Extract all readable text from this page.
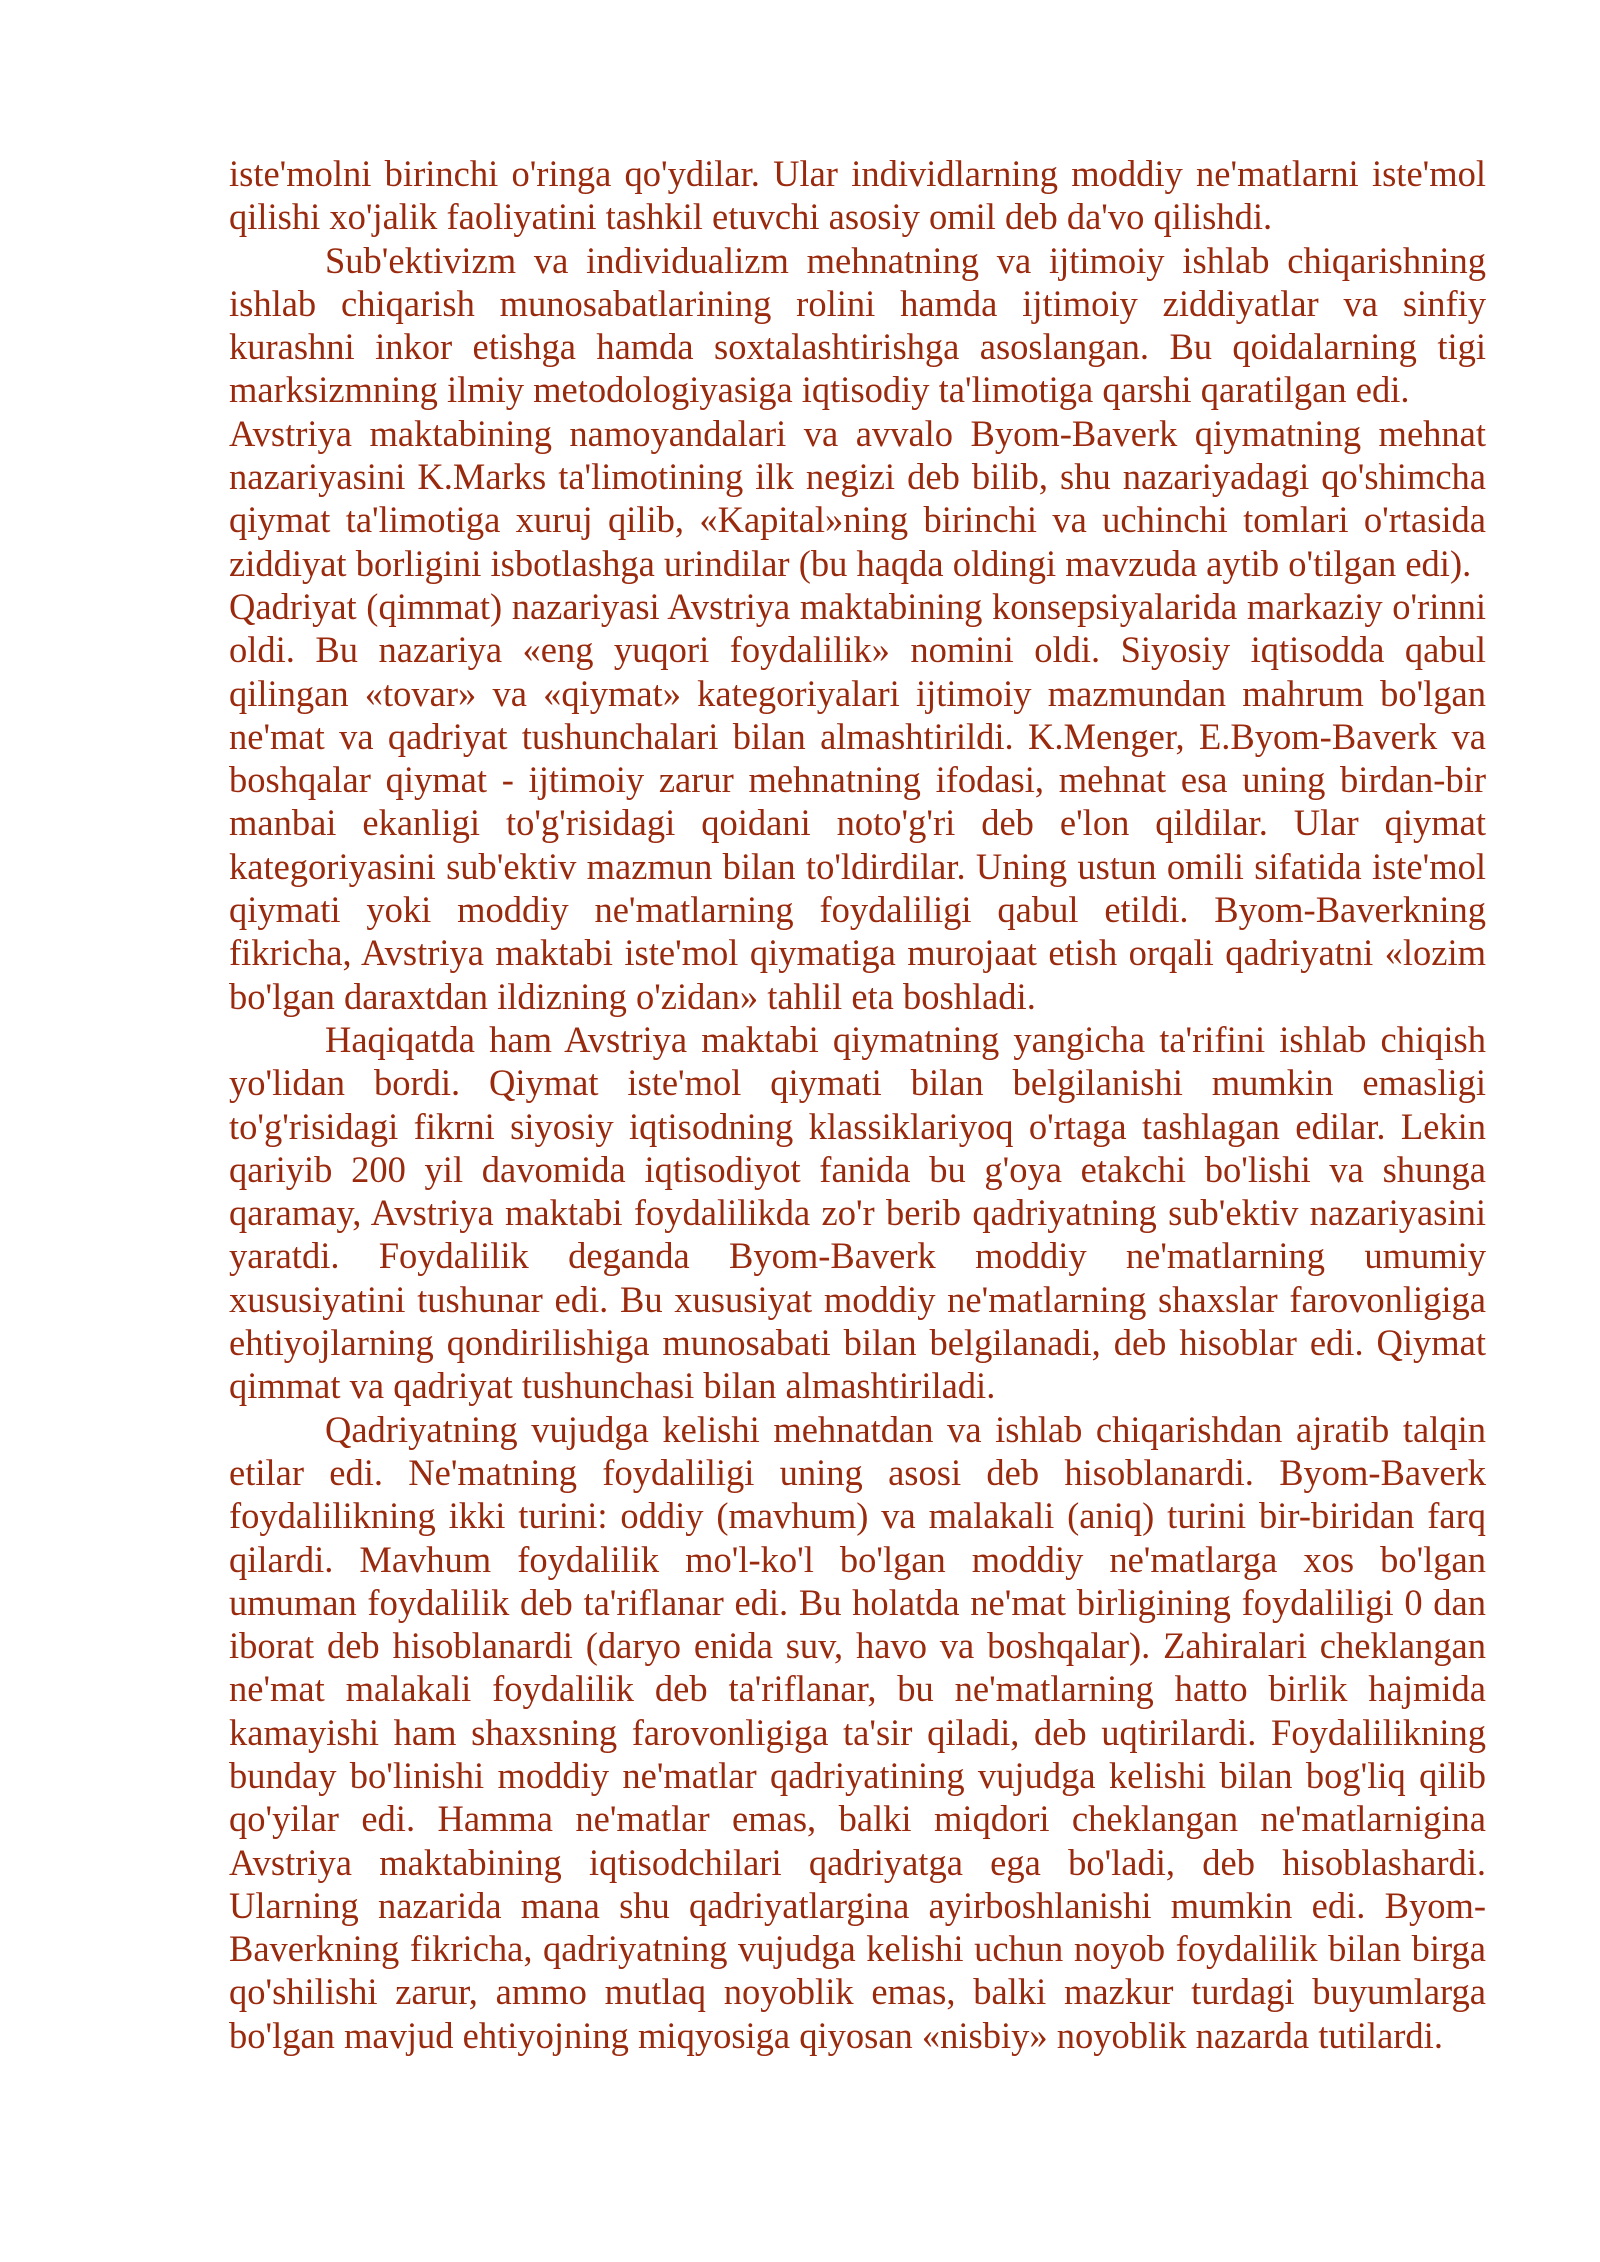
iste'molni birinchi o'ringa qo'ydilar. Ular individlarning moddiy ne'matlarni iste'mol qilishi xo'jalik faoliyatini tashkil etuvchi asosiy omil deb da'vo qilishdi.

Sub'ektivizm va individualizm mehnatning va ijtimoiy ishlab chiqarishning ishlab chiqarish munosabatlarining rolini hamda ijtimoiy ziddiyatlar va sinfiy kurashni inkor etishga hamda soxtalashtirishga asoslangan. Bu qoidalarning tigi marksizmning ilmiy metodologiyasiga iqtisodiy ta'limotiga qarshi qaratilgan edi.

Avstriya maktabining namoyandalari va avvalo Byom-Baverk qiymatning mehnat nazariyasini K.Marks ta'limotining ilk negizi deb bilib, shu nazariyadagi qo'shimcha qiymat ta'limotiga xuruj qilib, «Kapital»ning birinchi va uchinchi tomlari o'rtasida ziddiyat borligini isbotlashga urindilar (bu haqda oldingi mavzuda aytib o'tilgan edi).

Qadriyat (qimmat) nazariyasi Avstriya maktabining konsepsiyalarida markaziy o'rinni oldi. Bu nazariya «eng yuqori foydalilik» nomini oldi. Siyosiy iqtisodda qabul qilingan «tovar» va «qiymat» kategoriyalari ijtimoiy mazmundan mahrum bo'lgan ne'mat va qadriyat tushunchalari bilan almashtirildi. K.Menger, E.Byom-Baverk va boshqalar qiymat - ijtimoiy zarur mehnatning ifodasi, mehnat esa uning birdan-bir manbai ekanligi to'g'risidagi qoidani noto'g'ri deb e'lon qildilar. Ular qiymat kategoriyasini sub'ektiv mazmun bilan to'ldirdilar. Uning ustun omili sifatida iste'mol qiymati yoki moddiy ne'matlarning foydaliligi qabul etildi. Byom-Baverkning fikricha, Avstriya maktabi iste'mol qiymatiga murojaat etish orqali qadriyatni «lozim bo'lgan daraxtdan ildizning o'zidan» tahlil eta boshladi.

Haqiqatda ham Avstriya maktabi qiymatning yangicha ta'rifini ishlab chiqish yo'lidan bordi. Qiymat iste'mol qiymati bilan belgilanishi mumkin emasligi to'g'risidagi fikrni siyosiy iqtisodning klassiklariyoq o'rtaga tashlagan edilar. Lekin qariyib 200 yil davomida iqtisodiyot fanida bu g'oya etakchi bo'lishi va shunga qaramay, Avstriya maktabi foydalilikda zo'r berib qadriyatning sub'ektiv nazariyasini yaratdi. Foydalilik deganda Byom-Baverk moddiy ne'matlarning umumiy xususiyatini tushunar edi. Bu xususiyat moddiy ne'matlarning shaxslar farovonligiga ehtiyojlarning qondirilishiga munosabati bilan belgilanadi, deb hisoblar edi. Qiymat qimmat va qadriyat tushunchasi bilan almashtiriladi.

Qadriyatning vujudga kelishi mehnatdan va ishlab chiqarishdan ajratib talqin etilar edi. Ne'matning foydaliligi uning asosi deb hisoblanardi. Byom-Baverk foydalilikning ikki turini: oddiy (mavhum) va malakali (aniq) turini bir-biridan farq qilardi. Mavhum foydalilik mo'l-ko'l bo'lgan moddiy ne'matlarga xos bo'lgan umuman foydalilik deb ta'riflanar edi. Bu holatda ne'mat birligining foydaliligi 0 dan iborat deb hisoblanardi (daryo enida suv, havo va boshqalar). Zahiralari cheklangan ne'mat malakali foydalilik deb ta'riflanar, bu ne'matlarning hatto birlik hajmida kamayishi ham shaxsning farovonligiga ta'sir qiladi, deb uqtirilardi. Foydalilikning bunday bo'linishi moddiy ne'matlar qadriyatining vujudga kelishi bilan bog'liq qilib qo'yilar edi. Hamma ne'matlar emas, balki miqdori cheklangan ne'matlarnigina Avstriya maktabining iqtisodchilari qadriyatga ega bo'ladi, deb hisoblashardi. Ularning nazarida mana shu qadriyatlargina ayirboshlanishi mumkin edi. Byom-Baverkning fikricha, qadriyatning vujudga kelishi uchun noyob foydalilik bilan birga qo'shilishi zarur, ammo mutlaq noyoblik emas, balki mazkur turdagi buyumlarga bo'lgan mavjud ehtiyojning miqyosiga qiyosan «nisbiy» noyoblik nazarda tutilardi.
